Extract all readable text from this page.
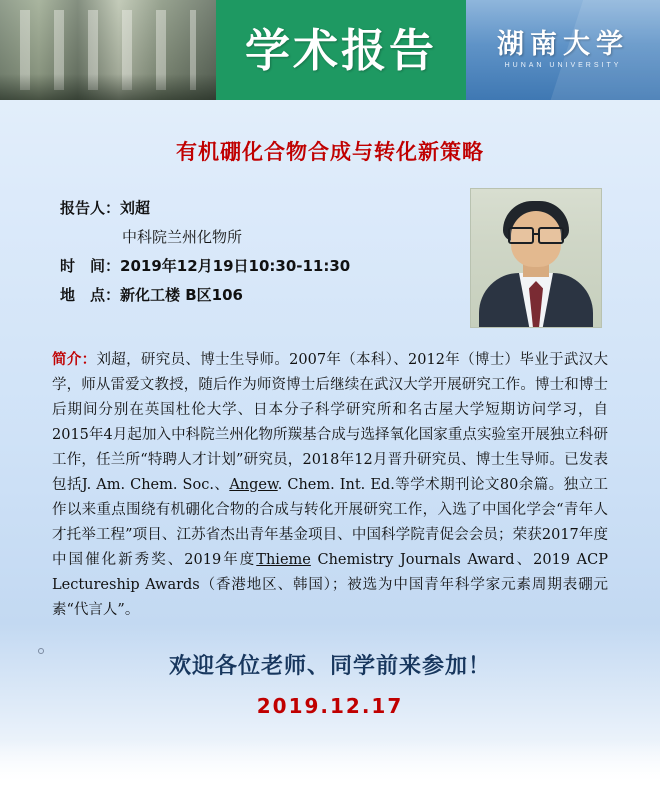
学术报告	湖南大学
HUNAN UNIVERSITY
有机硼化合物合成与转化新策略
报告人：刘超
中科院兰州化物所
时　间：2019年12月19日10:30-11:30
地　点：新化工楼 B区106
简介：刘超，研究员、博士生导师。2007年（本科）、2012年（博士）毕业于武汉大学，师从雷爱文教授，随后作为师资博士后继续在武汉大学开展研究工作。博士和博士后期间分别在英国杜伦大学、日本分子科学研究所和名古屋大学短期访问学习，自2015年4月起加入中科院兰州化物所羰基合成与选择氧化国家重点实验室开展独立科研工作，任兰所“特聘人才计划”研究员，2018年12月晋升研究员、博士生导师。已发表包括J. Am. Chem. Soc.、Angew. Chem. Int. Ed.等学术期刊论文80余篇。独立工作以来重点围绕有机硼化合物的合成与转化开展研究工作，入选了中国化学会“青年人才托举工程”项目、江苏省杰出青年基金项目、中国科学院青促会会员；荣获2017年度中国催化新秀奖、2019年度Thieme Chemistry Journals Award、2019 ACP Lectureship Awards（香港地区、韩国）；被选为中国青年科学家元素周期表硼元素“代言人”。
欢迎各位老师、同学前来参加！
2019.12.17
